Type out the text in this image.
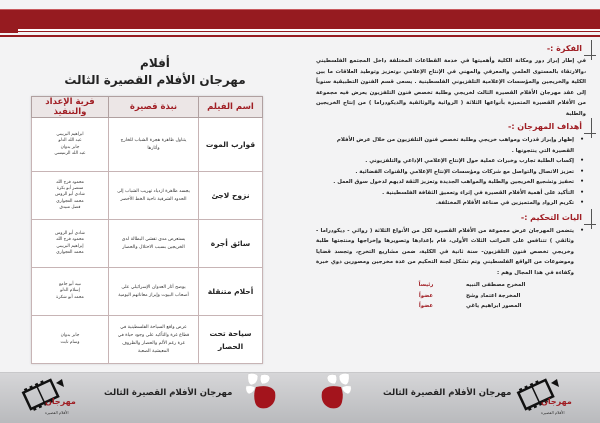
أفلام
مهرجان الأفلام القصيرة الثالث
اسم الفيلم	نبذة قصيرة	فرية الإعداد والتنفيذ
قوارب الموت	يتناول ظاهرة هجرة الشباب للخارج وأثارها	ابراهيم البريبني
عبد الله الدلو
جابر بدوان
عبد الله الرنتيسي

نزوح لاجئ	يجسد ظاهرة ازدياد تهريب الشباب إلى الحدود الشرقية ناحية الخط الأخضر	محمود فرج الله
منتصر أبو بكرة
شادي أبو الروس
محمد العجواري
فضل منيدق

سائق أجرة	يستعرض مدى تفشي البطالة لدى الخريجين بسبب الاحتلال والحصار	شادي أبو الروس
محمود فرج الله
إبراهيم البريبني
محمد العجواري

أحلام متنقلة	يوضح أثار العدوان الإسرائيلي على أصحاب البيوت وإبراز معاناتهم اليومية	نبيه أبو جامع
إسلام الدلو
محمد أبو شكرة

سياحة تحت الحصار	عرض واقع السياحة الفلسطينية في قطاع غزة والتأكيد على وجود حياة في غزة رغم الألم والحصار والظروف المعيشية الصعبة	جابر بدوان
وسام ثابت
الفكرة :-
في إطار إبراز دور ومكانة الكلية وأهميتها في خدمة القطاعات المختلفة داخل المجتمع الفلسطيني ،والارتقاء بالمستوى العلمي والمعرفي والمهني في الإنتاج الإعلامي ،وتعزيز وتوطيد العلاقات ما بين الكلية والخريجين والمؤسسات الإعلامية التلفزيوني الفلسطينية . يسعى قسم الفنون التطبيقية سنوياً إلى عقد مهرجان الأفلام القصيرة الثالث لخريجي وطلبة تخصص فنون التلفزيون يعرض فيه مجموعة من الأفلام القصيرة المتميزة بأنواعها الثلاثة ( الروائية والوثائقية والديكودراما ) من إنتاج الخريجين والطلبة
أهداف المهرجان :-
• إظهار وإبراز قدرات ومواهب خريجي وطلبة تخصص فنون التلفزيون من خلال عرض الأفلام القصيرة التي ينتجونها .
• إكساب الطلبة تجارب وخبرات عملية حول الإنتاج الإعلامي الإذاعي والتلفزيوني .
• تعزيز الاتصال والتواصل مع شركات ومؤسسات الإنتاج الإعلامي والقنوات الفضائية .
• تحفيز وتشجيع الخريجين والطلبة والمواهب الجديدة وتعزيز الثقة لديهم لدخول سوق العمل .
• التأكيد على أهمية الأفلام القصيرة في إثراء وتعميق الثقافة الفلسطينية .
• تكريم الرواد والمتميزين في صناعة الأفلام المختلفة.
اليات التحكيم :-
• يتضمن المهرجان عرض مجموعة من الأفلام القصيرة لكل من الأنواع الثلاثة ( روائي - ديكودراما - وثائقي ) تتنافس على المراتب الثلاث الأولى، قام بإعدادها وتصويرها وإخراجها ومنتجتها طلبة وخريجي تخصص فنون التلفزيون- سنة ثانية في الكلية، ضمن مشاريع التخرج، وتجسد قضايا وموضوعات من الواقع الفلسطيني وتم تشكل لجنة التحكيم من عدة مخرجين ومصورين ذوي خبرة وكفاءة في هذا المجال وهم :
المخرج مصطفى النبيه
رئيساً
المخرجة اعتماد وشح
عضواً
المصور ابراهيم ياغي
عضواً
مهرجان الأفلام القصيرة الثالث	مهرجان الأفلام القصيرة الثالث
مهرجان
الأفلام القصيرة
مهرجان
الأفلام القصيرة
